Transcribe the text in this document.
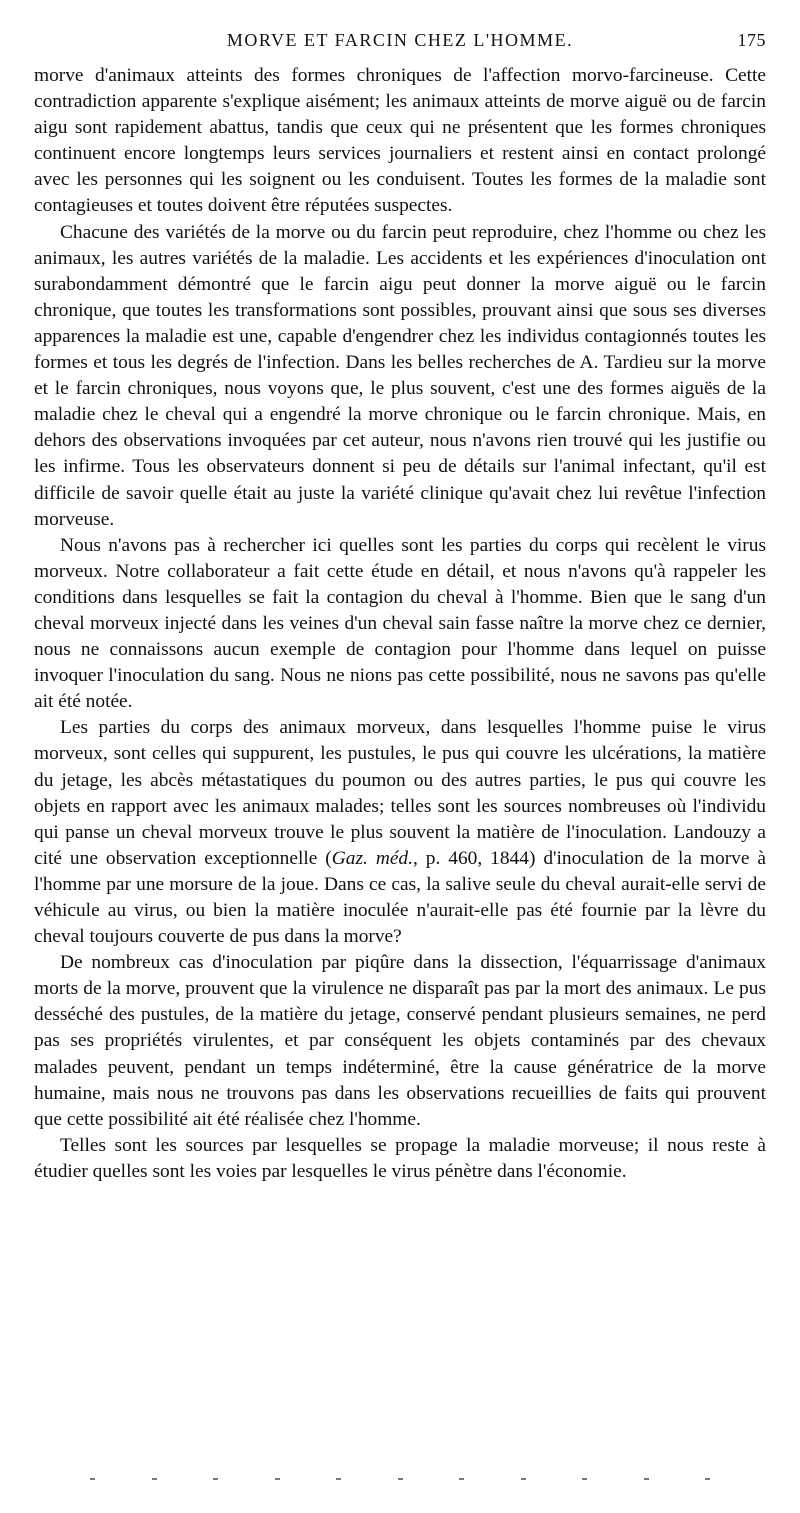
MORVE ET FARCIN CHEZ L'HOMME.	175

morve d'animaux atteints des formes chroniques de l'affection morvo-farcineuse. Cette contradiction apparente s'explique aisément; les animaux atteints de morve aiguë ou de farcin aigu sont rapidement abattus, tandis que ceux qui ne présentent que les formes chroniques continuent encore longtemps leurs services journaliers et restent ainsi en contact prolongé avec les personnes qui les soignent ou les conduisent. Toutes les formes de la maladie sont contagieuses et toutes doivent être réputées suspectes.

Chacune des variétés de la morve ou du farcin peut reproduire, chez l'homme ou chez les animaux, les autres variétés de la maladie. Les accidents et les expériences d'inoculation ont surabondamment démontré que le farcin aigu peut donner la morve aiguë ou le farcin chronique, que toutes les transformations sont possibles, prouvant ainsi que sous ses diverses apparences la maladie est une, capable d'engendrer chez les individus contagionnés toutes les formes et tous les degrés de l'infection. Dans les belles recherches de A. Tardieu sur la morve et le farcin chroniques, nous voyons que, le plus souvent, c'est une des formes aiguës de la maladie chez le cheval qui a engendré la morve chronique ou le farcin chronique. Mais, en dehors des observations invoquées par cet auteur, nous n'avons rien trouvé qui les justifie ou les infirme. Tous les observateurs donnent si peu de détails sur l'animal infectant, qu'il est difficile de savoir quelle était au juste la variété clinique qu'avait chez lui revêtue l'infection morveuse.

Nous n'avons pas à rechercher ici quelles sont les parties du corps qui recèlent le virus morveux. Notre collaborateur a fait cette étude en détail, et nous n'avons qu'à rappeler les conditions dans lesquelles se fait la contagion du cheval à l'homme. Bien que le sang d'un cheval morveux injecté dans les veines d'un cheval sain fasse naître la morve chez ce dernier, nous ne connaissons aucun exemple de contagion pour l'homme dans lequel on puisse invoquer l'inoculation du sang. Nous ne nions pas cette possibilité, nous ne savons pas qu'elle ait été notée.

Les parties du corps des animaux morveux, dans lesquelles l'homme puise le virus morveux, sont celles qui suppurent, les pustules, le pus qui couvre les ulcérations, la matière du jetage, les abcès métastatiques du poumon ou des autres parties, le pus qui couvre les objets en rapport avec les animaux malades; telles sont les sources nombreuses où l'individu qui panse un cheval morveux trouve le plus souvent la matière de l'inoculation. Landouzy a cité une observation exceptionnelle (Gaz. méd., p. 460, 1844) d'inoculation de la morve à l'homme par une morsure de la joue. Dans ce cas, la salive seule du cheval aurait-elle servi de véhicule au virus, ou bien la matière inoculée n'aurait-elle pas été fournie par la lèvre du cheval toujours couverte de pus dans la morve?

De nombreux cas d'inoculation par piqûre dans la dissection, l'équarrissage d'animaux morts de la morve, prouvent que la virulence ne disparaît pas par la mort des animaux. Le pus desséché des pustules, de la matière du jetage, conservé pendant plusieurs semaines, ne perd pas ses propriétés virulentes, et par conséquent les objets contaminés par des chevaux malades peuvent, pendant un temps indéterminé, être la cause génératrice de la morve humaine, mais nous ne trouvons pas dans les observations recueillies de faits qui prouvent que cette possibilité ait été réalisée chez l'homme.

Telles sont les sources par lesquelles se propage la maladie morveuse; il nous reste à étudier quelles sont les voies par lesquelles le virus pénètre dans l'économie.
